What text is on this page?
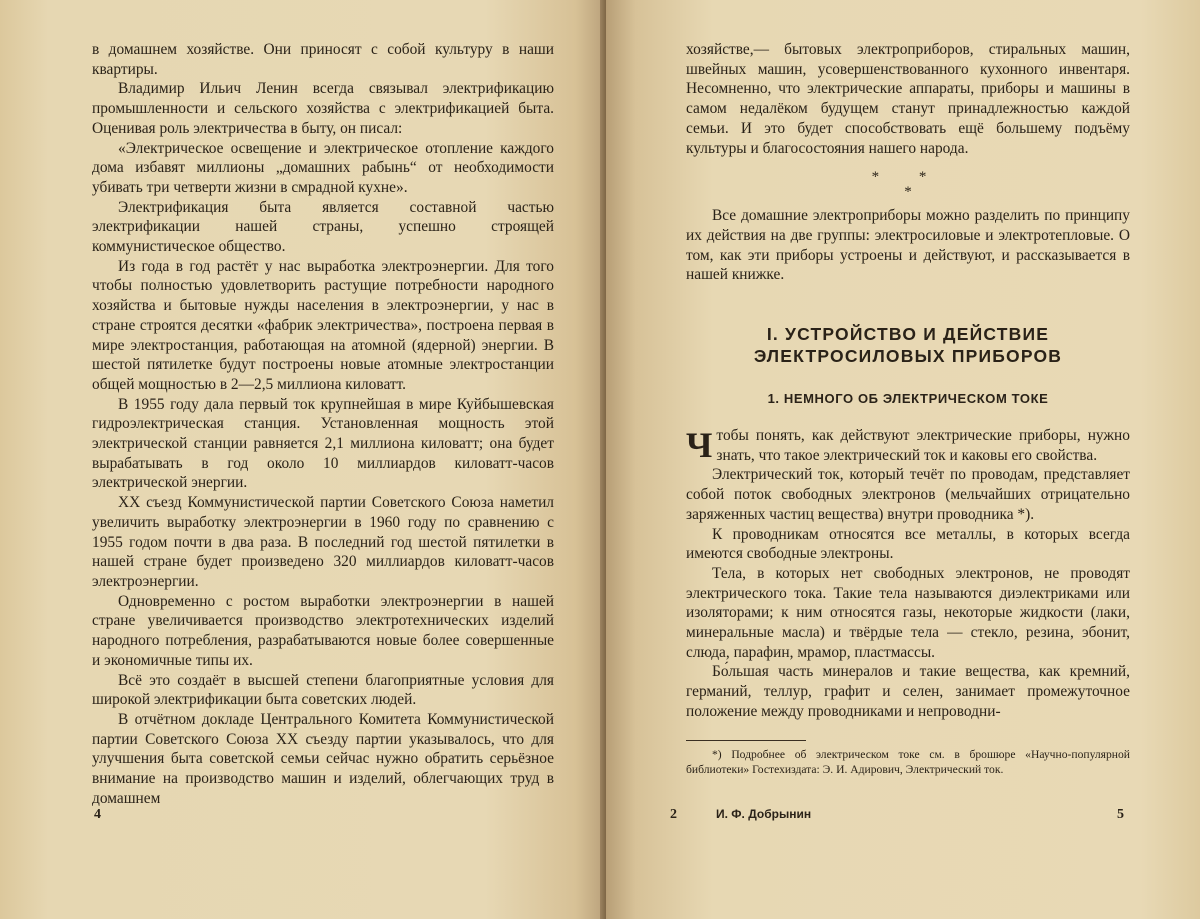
в домашнем хозяйстве. Они приносят с собой культуру в наши квартиры.

Владимир Ильич Ленин всегда связывал электрификацию промышленности и сельского хозяйства с электрификацией быта. Оценивая роль электричества в быту, он писал:

«Электрическое освещение и электрическое отопление каждого дома избавят миллионы „домашних рабынь“ от необходимости убивать три четверти жизни в смрадной кухне».

Электрификация быта является составной частью электрификации нашей страны, успешно строящей коммунистическое общество.

Из года в год растёт у нас выработка электроэнергии. Для того чтобы полностью удовлетворить растущие потребности народного хозяйства и бытовые нужды населения в электроэнергии, у нас в стране строятся десятки «фабрик электричества», построена первая в мире электростанция, работающая на атомной (ядерной) энергии. В шестой пятилетке будут построены новые атомные электростанции общей мощностью в 2—2,5 миллиона киловатт.

В 1955 году дала первый ток крупнейшая в мире Куйбышевская гидроэлектрическая станция. Установленная мощность этой электрической станции равняется 2,1 миллиона киловатт; она будет вырабатывать в год около 10 миллиардов киловатт-часов электрической энергии.

XX съезд Коммунистической партии Советского Союза наметил увеличить выработку электроэнергии в 1960 году по сравнению с 1955 годом почти в два раза. В последний год шестой пятилетки в нашей стране будет произведено 320 миллиардов киловатт-часов электроэнергии.

Одновременно с ростом выработки электроэнергии в нашей стране увеличивается производство электротехнических изделий народного потребления, разрабатываются новые более совершенные и экономичные типы их.

Всё это создаёт в высшей степени благоприятные условия для широкой электрификации быта советских людей.

В отчётном докладе Центрального Комитета Коммунистической партии Советского Союза XX съезду партии указывалось, что для улучшения быта советской семьи сейчас нужно обратить серьёзное внимание на производство машин и изделий, облегчающих труд в домашнем

4

хозяйстве,— бытовых электроприборов, стиральных машин, швейных машин, усовершенствованного кухонного инвентаря. Несомненно, что электрические аппараты, приборы и машины в самом недалёком будущем станут принадлежностью каждой семьи. И это будет способствовать ещё большему подъёму культуры и благосостояния нашего народа.

* *
*

Все домашние электроприборы можно разделить по принципу их действия на две группы: электросиловые и электротепловые. О том, как эти приборы устроены и действуют, и рассказывается в нашей книжке.

I. УСТРОЙСТВО И ДЕЙСТВИЕ ЭЛЕКТРОСИЛОВЫХ ПРИБОРОВ
1. НЕМНОГО ОБ ЭЛЕКТРИЧЕСКОМ ТОКЕ

Чтобы понять, как действуют электрические приборы, нужно знать, что такое электрический ток и каковы его свойства.

Электрический ток, который течёт по проводам, представляет собой поток свободных электронов (мельчайших отрицательно заряженных частиц вещества) внутри проводника *).

К проводникам относятся все металлы, в которых всегда имеются свободные электроны.

Тела, в которых нет свободных электронов, не проводят электрического тока. Такие тела называются диэлектриками или изоляторами; к ним относятся газы, некоторые жидкости (лаки, минеральные масла) и твёрдые тела — стекло, резина, эбонит, слюда, парафин, мрамор, пластмассы.

Бо́льшая часть минералов и такие вещества, как кремний, германий, теллур, графит и селен, занимает промежуточное положение между проводниками и непроводни-

*) Подробнее об электрическом токе см. в брошюре «Научно-популярной библиотеки» Гостехиздата: Э. И. Адирович, Электрический ток.

2	И. Ф. Добрынин	5
